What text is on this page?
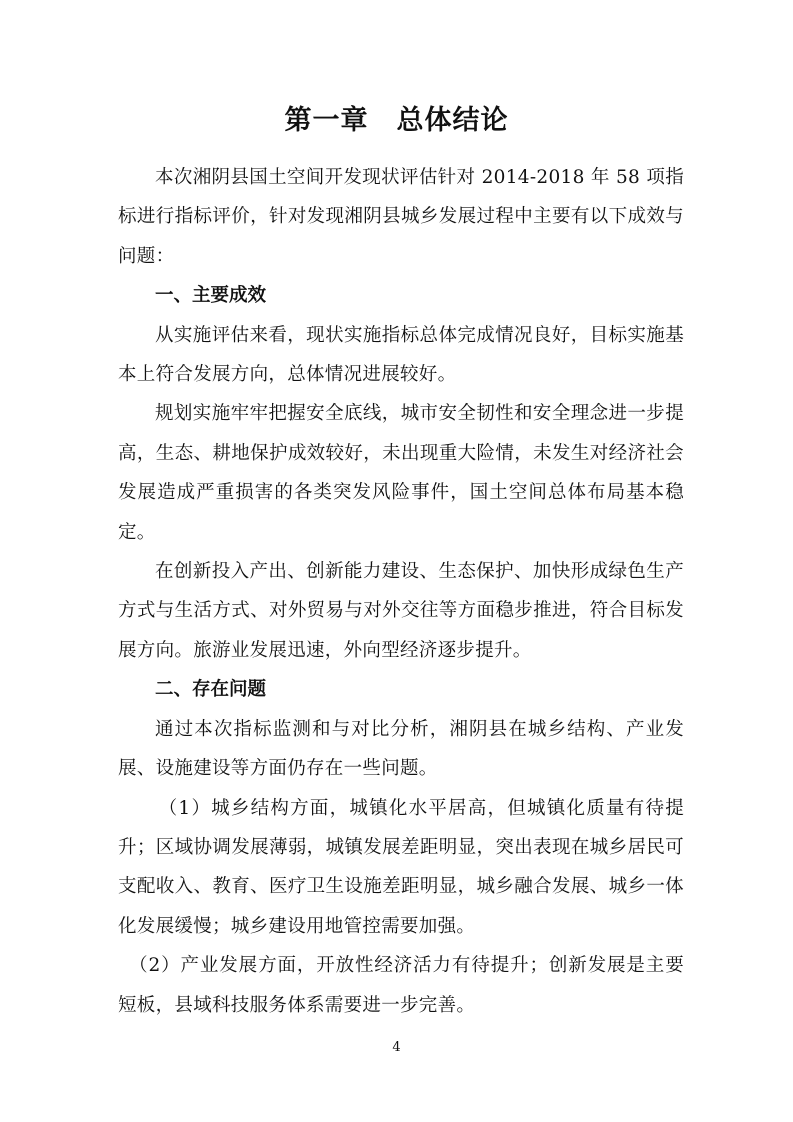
第一章　总体结论

本次湘阴县国土空间开发现状评估针对 2014-2018 年 58 项指标进行指标评价，针对发现湘阴县城乡发展过程中主要有以下成效与问题：

一、主要成效

从实施评估来看，现状实施指标总体完成情况良好，目标实施基本上符合发展方向，总体情况进展较好。

规划实施牢牢把握安全底线，城市安全韧性和安全理念进一步提高，生态、耕地保护成效较好，未出现重大险情，未发生对经济社会发展造成严重损害的各类突发风险事件，国土空间总体布局基本稳定。

在创新投入产出、创新能力建设、生态保护、加快形成绿色生产方式与生活方式、对外贸易与对外交往等方面稳步推进，符合目标发展方向。旅游业发展迅速，外向型经济逐步提升。

二、存在问题

通过本次指标监测和与对比分析，湘阴县在城乡结构、产业发展、设施建设等方面仍存在一些问题。

（1）城乡结构方面，城镇化水平居高，但城镇化质量有待提升；区域协调发展薄弱，城镇发展差距明显，突出表现在城乡居民可支配收入、教育、医疗卫生设施差距明显，城乡融合发展、城乡一体化发展缓慢；城乡建设用地管控需要加强。

（2）产业发展方面，开放性经济活力有待提升；创新发展是主要短板，县域科技服务体系需要进一步完善。

4
